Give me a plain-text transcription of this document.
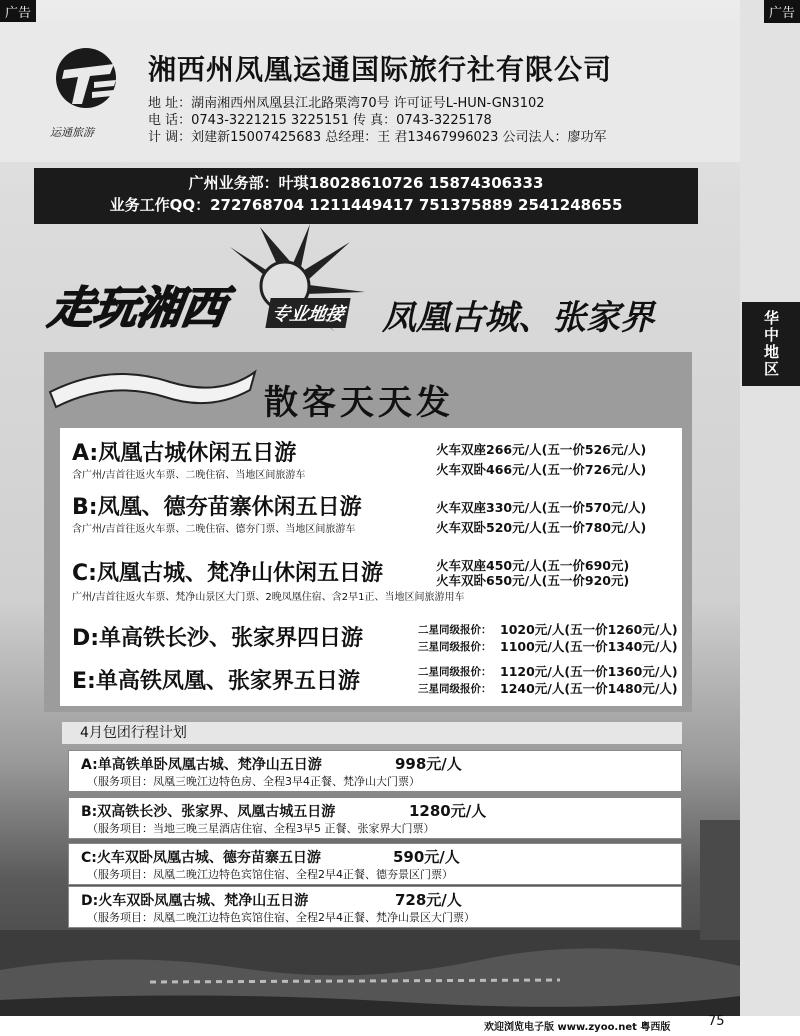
广告	广告
运通旅游
湘西州凤凰运通国际旅行社有限公司
地 址：湖南湘西州凤凰县江北路栗湾70号 许可证号L-HUN-GN3102
电 话：0743-3221215 3225151 传 真：0743-3225178
计 调：刘建新15007425683 总经理：王 君13467996023 公司法人：廖功军
广州业务部：叶琪18028610726 15874306333
业务工作QQ：272768704 1211449417 751375889 2541248655
华中地区
走玩湘西 专业地接 凤凰古城、张家界
散客天天发
A:凤凰古城休闲五日游
含广州/吉首往返火车票、二晚住宿、当地区间旅游车
火车双座266元/人(五一价526元/人)
火车双卧466元/人(五一价726元/人)
B:凤凰、德夯苗寨休闲五日游
含广州/吉首往返火车票、二晚住宿、德夯门票、当地区间旅游车
火车双座330元/人(五一价570元/人)
火车双卧520元/人(五一价780元/人)
C:凤凰古城、梵净山休闲五日游
广州/吉首往返火车票、梵净山景区大门票、2晚凤凰住宿、含2早1正、当地区间旅游用车
火车双座450元/人(五一价690元)
火车双卧650元/人(五一价920元)
D:单高铁长沙、张家界四日游	二星同级报价： 1020元/人(五一价1260元/人)
三星同级报价： 1100元/人(五一价1340元/人)
E:单高铁凤凰、张家界五日游	二星同级报价： 1120元/人(五一价1360元/人)
三星同级报价： 1240元/人(五一价1480元/人)
4月包团行程计划
A:单高铁单卧凤凰古城、梵净山五日游	998元/人
（服务项目：凤凰三晚江边特色房、全程3早4正餐、梵净山大门票）
B:双高铁长沙、张家界、凤凰古城五日游	1280元/人
（服务项目：当地三晚三星酒店住宿、全程3早5 正餐、张家界大门票）
C:火车双卧凤凰古城、德夯苗寨五日游	590元/人
（服务项目：凤凰二晚江边特色宾馆住宿、全程2早4正餐、德夯景区门票）
D:火车双卧凤凰古城、梵净山五日游	728元/人
（服务项目：凤凰二晚江边特色宾馆住宿、全程2早4正餐、梵净山景区大门票）
欢迎浏览电子版 www.zyoo.net 粤西版	75
